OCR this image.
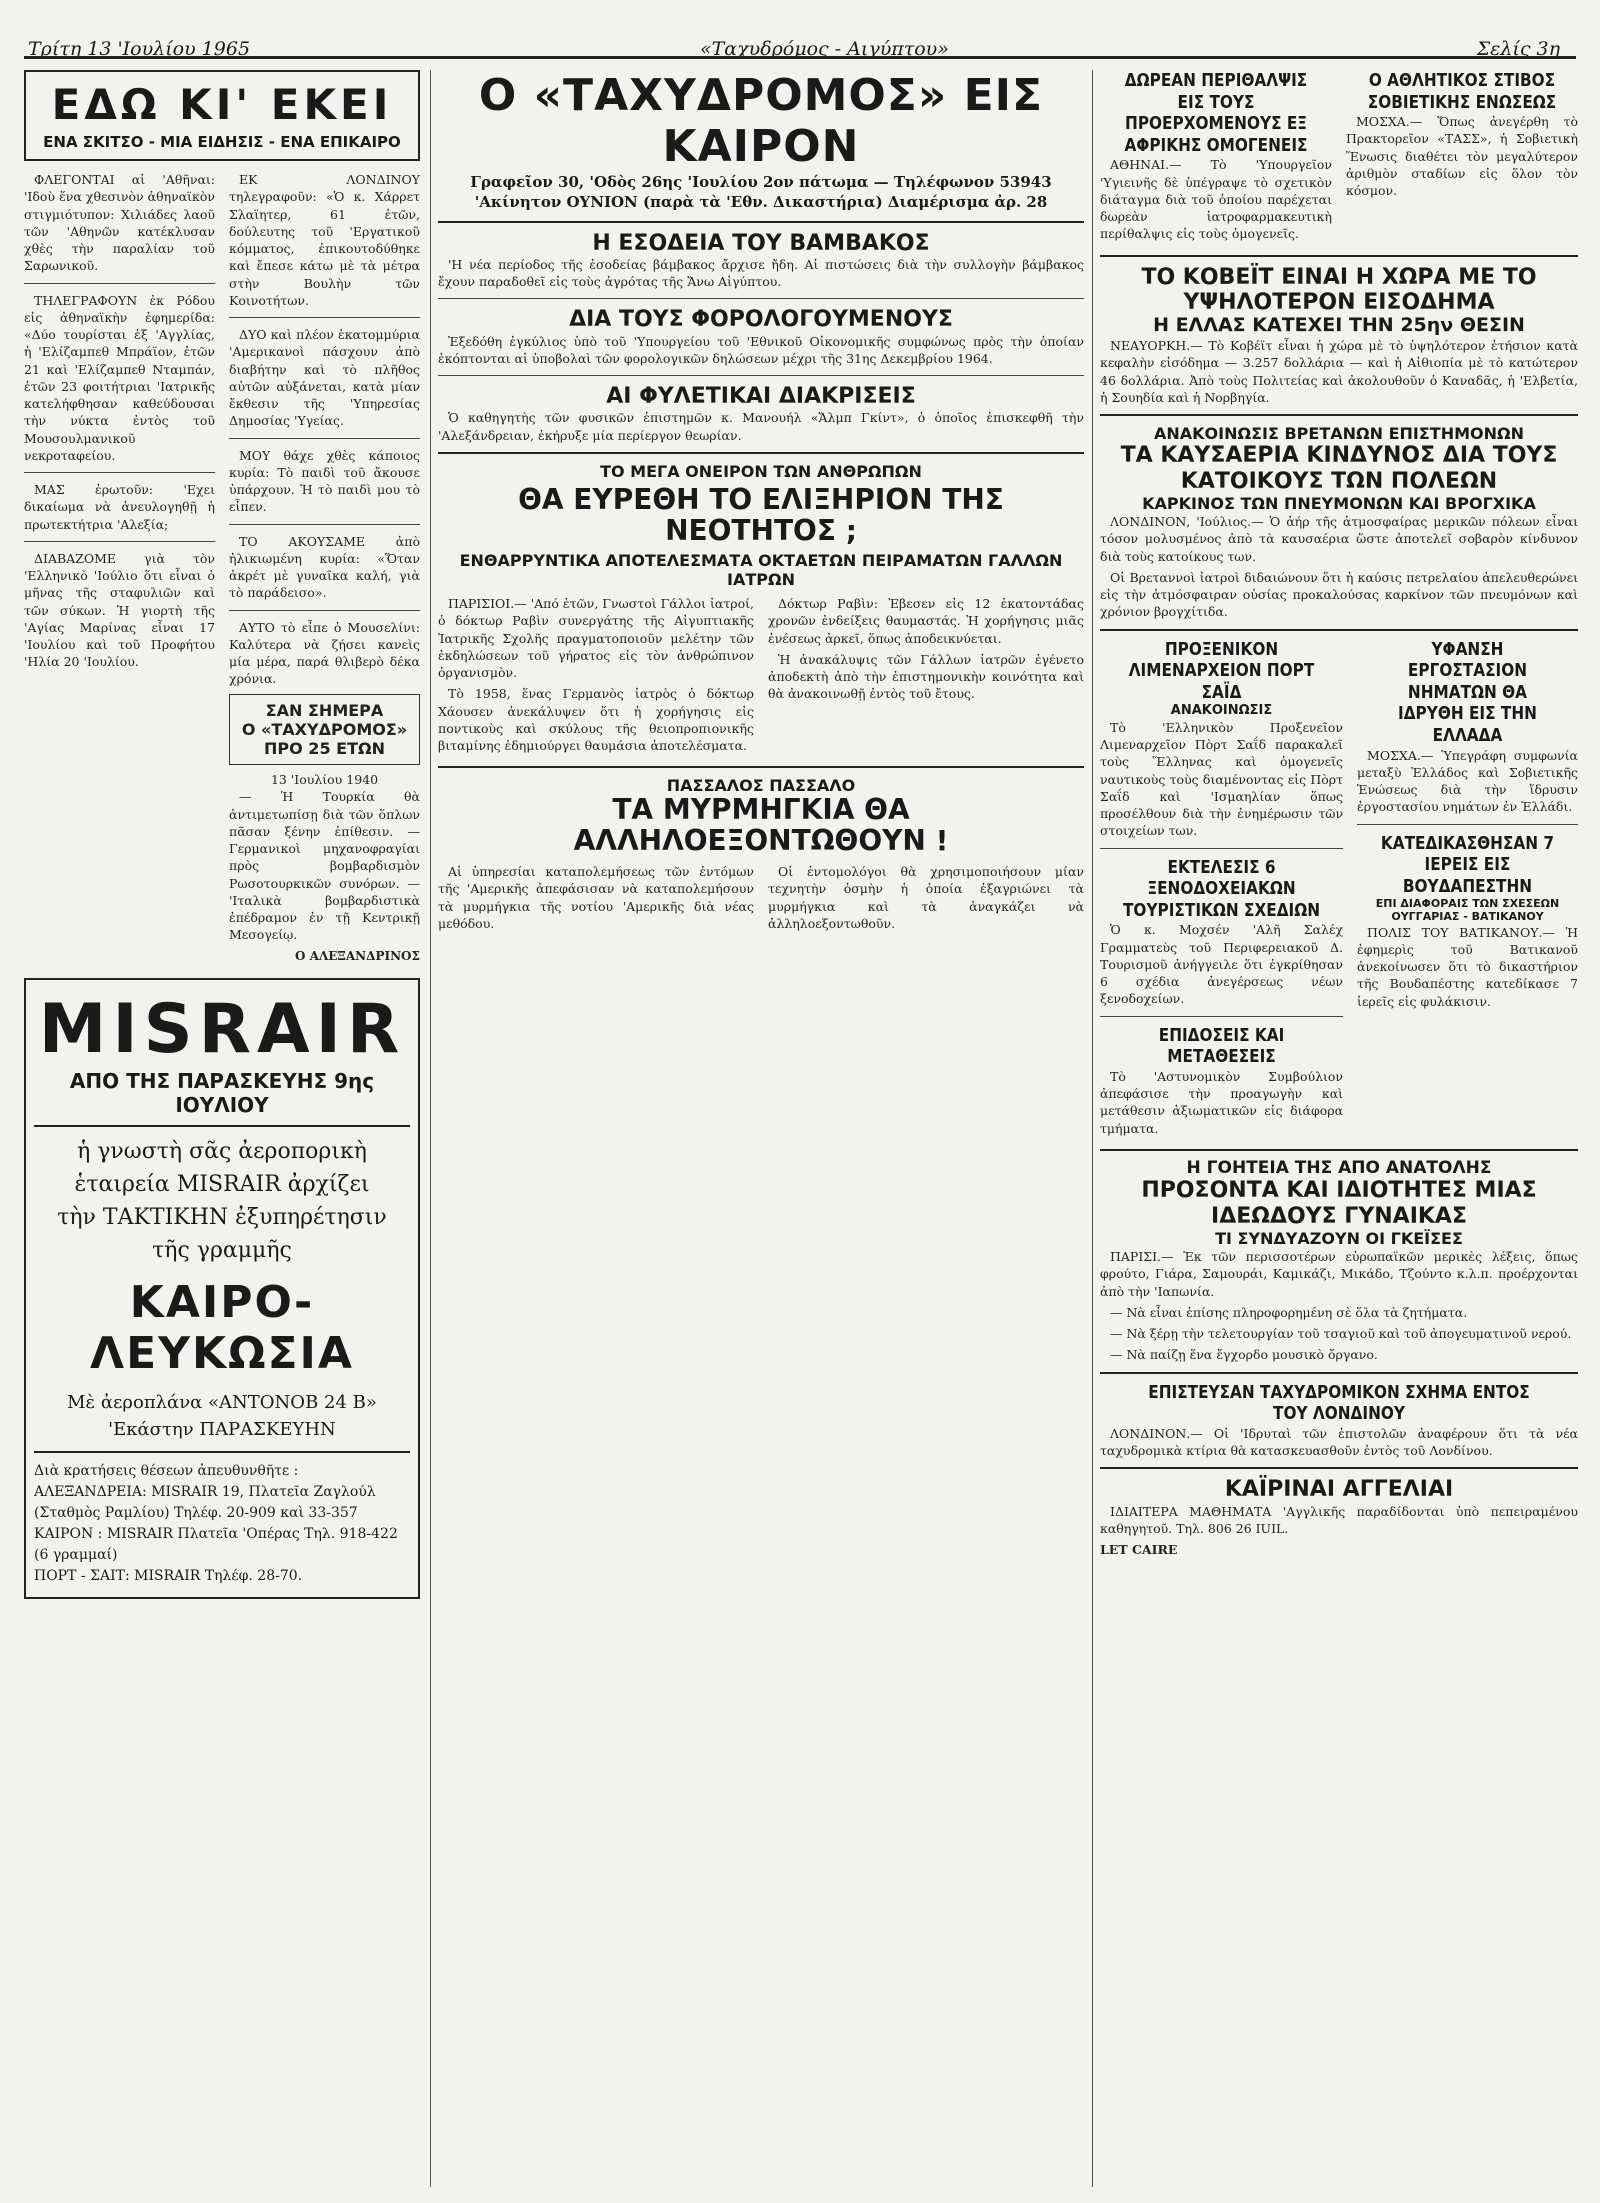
Τρίτη 13 'Ιουλίου 1965	«Ταχυδρόμος - Αιγύπτου»	Σελίς 3η
ΕΔΩ ΚΙ' ΕΚΕΙ
ΕΝΑ ΣΚΙΤΣΟ - ΜΙΑ ΕΙΔΗΣΙΣ - ΕΝΑ ΕΠΙΚΑΙΡΟ

ΦΛΕΓΟΝΤΑΙ αἱ 'Αθῆναι: 'Ιδοὺ ἕνα χθεσινὸν ἀθηναϊκὸν στιγμιότυπον: Χιλιάδες λαοῦ τῶν 'Αθηνῶν κατέκλυσαν χθὲς τὴν παραλίαν τοῦ Σαρωνικοῦ.

ΤΗΛΕΓΡΑΦΟΥΝ ἐκ Ρόδου εἰς ἀθηναϊκὴν ἐφημερίδα: «Δύο τουρίσται ἐξ 'Αγγλίας, ἡ 'Ελίζαμπεθ Μπράϊον, ἐτῶν 21 καὶ 'Ελίζαμπεθ Νταμπάν, ἐτῶν 23 φοιτήτριαι 'Ιατρικῆς κατελήφθησαν καθεύδουσαι τὴν νύκτα ἐντὸς τοῦ Μουσουλμανικοῦ νεκροταφείου.

ΜΑΣ ἐρωτοῦν: 'Εχει δικαίωμα νὰ ἀνευλογηθῇ ἡ πρωτεκτήτρια 'Αλεξία;

ΔΙΑΒΑΖΟΜΕ γιὰ τὸν 'Ελληνικὸ 'Ιούλιο ὅτι εἶναι ὁ μῆνας τῆς σταφυλιῶν καὶ τῶν σύκων. Ἡ γιορτὴ τῆς 'Αγίας Μαρίνας εἶναι 17 'Ιουλίου καὶ τοῦ Προφήτου 'Ηλία 20 'Ιουλίου.

ΕΚ ΛΟΝΔΙΝΟΥ τηλεγραφοῦν: «Ὁ κ. Χάρρετ Σλαϊητερ, 61 ἐτῶν, δούλευτης τοῦ 'Εργατικοῦ κόμματος, ἐπικουτοδύθηκε καὶ ἔπεσε κάτω μὲ τὰ μέτρα στὴν Βουλὴν τῶν Κοινοτήτων.

ΔΥΟ καὶ πλέον ἑκατομμύρια 'Αμερικανοὶ πάσχουν ἀπὸ διαβήτην καὶ τὸ πλῆθος αὐτῶν αὐξάνεται, κατὰ μίαν ἔκθεσιν τῆς 'Υπηρεσίας Δημοσίας 'Υγείας.

ΜΟΥ θάχε χθὲς κάποιος κυρία: Τὸ παιδὶ τοῦ ἄκουσε ὑπάρχουν. Ἡ τὸ παιδὶ μου τὸ εἶπεν.

ΤΟ ΑΚΟΥΣΑΜΕ ἀπὸ ἡλικιωμένη κυρία: «Ὅταν ἀκρέτ μὲ γυναῖκα καλή, γιὰ τὸ παράδεισο».

ΑΥΤΟ τὸ εἶπε ὁ Μουσελίνι: Καλύτερα νὰ ζήσει κανεὶς μία μέρα, παρά θλιβερὸ δέκα χρόνια.

ΣΑΝ ΣΗΜΕΡΑ
Ο «ΤΑΧΥΔΡΟΜΟΣ» ΠΡΟ 25 ΕΤΩΝ
13 'Ιουλίου 1940

— Ἡ Τουρκία θὰ ἀντιμετωπίσῃ διὰ τῶν ὅπλων πᾶσαν ξένην ἐπίθεσιν. — Γερμανικοὶ μηχανοφραγίαι πρὸς βομβαρδισμὸν Ρωσοτουρκικῶν συνόρων. — 'Ιταλικὰ βομβαρδιστικὰ ἐπέδραμον ἐν τῇ Κεντρικῇ Μεσογείῳ.

Ο ΑΛΕΞΑΝΔΡΙΝΟΣ
MISRAIR
ΑΠΟ ΤΗΣ ΠΑΡΑΣΚΕΥΗΣ 9ης ΙΟΥΛΙΟΥ
ἡ γνωστὴ σᾶς ἀεροπορικὴ
ἑταιρεία MISRAIR ἀρχίζει
τὴν ΤΑΚΤΙΚΗΝ ἐξυπηρέτησιν
τῆς γραμμῆς
ΚΑΙΡΟ-ΛΕΥΚΩΣΙΑ
Μὲ ἀεροπλάνα «ΑΝΤΟΝΟΒ 24 Β»
'Εκάστην ΠΑΡΑΣΚΕΥΗΝ
Διὰ κρατήσεις θέσεων ἀπευθυνθῆτε :
ΑΛΕΞΑΝΔΡΕΙΑ: MISRAIR 19, Πλατεῖα Ζαγλούλ (Σταθμὸς Ραμλίου) Τηλέφ. 20-909 καὶ 33-357
ΚΑΙΡΟΝ : MISRAIR Πλατεῖα 'Οπέρας Τηλ. 918-422 (6 γραμμαί)
ΠΟΡΤ - ΣΑΙΤ: MISRAIR Τηλέφ. 28-70.
Ο «ΤΑΧΥΔΡΟΜΟΣ» ΕΙΣ ΚΑΙΡΟΝ
Γραφεῖον 30, 'Οδὸς 26ης 'Ιουλίου 2ον πάτωμα — Τηλέφωνον 53943
'Ακίνητον ΟΥΝΙΟΝ (παρὰ τὰ 'Εθν. Δικαστήρια) Διαμέρισμα ἀρ. 28
Η ΕΣΟΔΕΙΑ ΤΟΥ ΒΑΜΒΑΚΟΣ

'Η νέα περίοδος τῆς ἐσοδείας βάμβακος ἄρχισε ἤδη. Αἱ πιστώσεις διὰ τὴν συλλογὴν βάμβακος ἔχουν παραδοθεῖ εἰς τοὺς ἀγρότας τῆς Ἄνω Αἰγύπτου.

ΔΙΑ ΤΟΥΣ ΦΟΡΟΛΟΓΟΥΜΕΝΟΥΣ

Ἐξεδόθη ἐγκύλιος ὑπὸ τοῦ 'Υπουργείου τοῦ 'Εθνικοῦ Οἰκονομικῆς συμφώνως πρὸς τὴν ὁποίαν ἐκόπτονται αἱ ὑποβολαὶ τῶν φορολογικῶν δηλώσεων μέχρι τῆς 31ης Δεκεμβρίου 1964.

ΑΙ ΦΥΛΕΤΙΚΑΙ ΔΙΑΚΡΙΣΕΙΣ

Ὁ καθηγητὴς τῶν φυσικῶν ἐπιστημῶν κ. Μανουήλ «Ἄλμπ Γκίντ», ὁ ὁποῖος ἐπισκεφθῆ τὴν 'Αλεξάνδρειαν, ἐκήρυξε μία περίεργον θεωρίαν.

ΤΟ ΜΕΓΑ ΟΝΕΙΡΟΝ ΤΩΝ ΑΝΘΡΩΠΩΝ
ΘΑ ΕΥΡΕΘΗ ΤΟ ΕΛΙΞΗΡΙΟΝ ΤΗΣ ΝΕΟΤΗΤΟΣ ;
ΕΝΘΑΡΡΥΝΤΙΚΑ ΑΠΟΤΕΛΕΣΜΑΤΑ ΟΚΤΑΕΤΩΝ ΠΕΙΡΑΜΑΤΩΝ ΓΑΛΛΩΝ ΙΑΤΡΩΝ

ΠΑΡΙΣΙΟΙ.— 'Από ἐτῶν, Γνωστοὶ Γάλλοι ἰατροί, ὁ δόκτωρ Ραβὶν συνεργάτης τῆς Αἰγυπτιακῆς Ἰατρικῆς Σχολῆς πραγματοποιοῦν μελέτην τῶν ἐκδηλώσεων τοῦ γήρατος εἰς τὸν ἀνθρώπινον ὀργανισμὸν.

Τὸ 1958, ἕνας Γερμανὸς ἰατρὸς ὁ δόκτωρ Χάουσεν ἀνεκάλυψεν ὅτι ἡ χορήγησις εἰς ποντικοὺς καὶ σκύλους τῆς θειοπροπιονικῆς βιταμίνης ἐδημιούργει θαυμάσια ἀποτελέσματα.

Δόκτωρ Ραβὶν: Ἐβεσεν εἰς 12 ἑκατοντάδας χρονῶν ἐνδείξεις θαυμαστάς. Ἡ χορήγησις μιᾶς ἐνέσεως ἀρκεῖ, ὅπως ἀποδεικνύεται.

Ἡ ἀνακάλυψις τῶν Γάλλων ἰατρῶν ἐγένετο ἀποδεκτὴ ἀπὸ τὴν ἐπιστημονικὴν κοινότητα καὶ θὰ ἀνακοινωθῇ ἐντὸς τοῦ ἔτους.

ΠΑΣΣΑΛΟΣ ΠΑΣΣΑΛΟ
ΤΑ ΜΥΡΜΗΓΚΙΑ ΘΑ ΑΛΛΗΛΟΕΞΟΝΤΩΘΟΥΝ !

Αἱ ὑπηρεσίαι καταπολεμήσεως τῶν ἐντόμων τῆς 'Αμερικῆς ἀπεφάσισαν νὰ καταπολεμήσουν τὰ μυρμήγκια τῆς νοτίου 'Αμερικῆς διὰ νέας μεθόδου.

Οἱ ἐντομολόγοι θὰ χρησιμοποιήσουν μίαν τεχνητὴν ὀσμὴν ἡ ὁποία ἐξαγριώνει τὰ μυρμήγκια καὶ τὰ ἀναγκάζει νὰ ἀλληλοεξοντωθοῦν.

ΔΩΡΕΑΝ ΠΕΡΙΘΑΛΨΙΣ ΕΙΣ ΤΟΥΣ ΠΡΟΕΡΧΟΜΕΝΟΥΣ ΕΞ ΑΦΡΙΚΗΣ ΟΜΟΓΕΝΕΙΣ

ΑΘΗΝΑΙ.— Τὸ 'Υπουργεῖον 'Υγιεινῆς δὲ ὑπέγραψε τὸ σχετικὸν διάταγμα διὰ τοῦ ὁποίου παρέχεται δωρεὰν ἰατροφαρμακευτικὴ περίθαλψις εἰς τοὺς ὁμογενεῖς.

Ο ΑΘΛΗΤΙΚΟΣ ΣΤΙΒΟΣ ΣΟΒΙΕΤΙΚΗΣ ΕΝΩΣΕΩΣ

ΜΟΣΧΑ.— Ὅπως ἀνεγέρθη τὸ Πρακτορεῖον «ΤΑΣΣ», ἡ Σοβιετικὴ Ἕνωσις διαθέτει τὸν μεγαλύτερον ἀριθμὸν σταδίων εἰς ὅλον τὸν κόσμον.

ΤΟ ΚΟΒΕΪΤ ΕΙΝΑΙ Η ΧΩΡΑ ΜΕ ΤΟ ΥΨΗΛΟΤΕΡΟΝ ΕΙΣΟΔΗΜΑ
Η ΕΛΛΑΣ ΚΑΤΕΧΕΙ ΤΗΝ 25ην ΘΕΣΙΝ

ΝΕΑΥΟΡΚΗ.— Τὸ Κοβέϊτ εἶναι ἡ χώρα μὲ τὸ ὑψηλότερον ἐτήσιον κατὰ κεφαλὴν εἰσόδημα — 3.257 δολλάρια — καὶ ἡ Αἰθιοπία μὲ τὸ κατώτερον 46 δολλάρια. Ἀπὸ τοὺς Πολιτείας καὶ ἀκολουθοῦν ὁ Καναδᾶς, ἡ 'Ελβετία, ἡ Σουηδία καὶ ἡ Νορβηγία.

ΑΝΑΚΟΙΝΩΣΙΣ ΒΡΕΤΑΝΩΝ ΕΠΙΣΤΗΜΟΝΩΝ
ΤΑ ΚΑΥΣΑΕΡΙΑ ΚΙΝΔΥΝΟΣ ΔΙΑ ΤΟΥΣ ΚΑΤΟΙΚΟΥΣ ΤΩΝ ΠΟΛΕΩΝ
ΚΑΡΚΙΝΟΣ ΤΩΝ ΠΝΕΥΜΟΝΩΝ ΚΑΙ ΒΡΟΓΧΙΚΑ

ΛΟΝΔΙΝΟΝ, 'Ιούλιος.— Ὁ ἀήρ τῆς ἀτμοσφαίρας μερικῶν πόλεων εἶναι τόσον μολυσμένος ἀπὸ τὰ καυσαέρια ὥστε ἀποτελεῖ σοβαρὸν κίνδυνον διὰ τοὺς κατοίκους των.

Οἱ Βρεταννοὶ ἰατροὶ διδαιώνουν ὅτι ἡ καύσις πετρελαίου ἀπελευθερώνει εἰς τὴν ἀτμόσφαιραν οὐσίας προκαλούσας καρκίνον τῶν πνευμόνων καὶ χρόνιον βρογχίτιδα.

ΠΡΟΞΕΝΙΚΟΝ ΛΙΜΕΝΑΡΧΕΙΟΝ ΠΟΡΤ ΣΑΪΔ
ΑΝΑΚΟΙΝΩΣΙΣ

Τὸ 'Ελληνικὸν Προξενεῖον Λιμεναρχεῖον Πὸρτ Σαΐδ παρακαλεῖ τοὺς Ἕλληνας καὶ ὁμογενεῖς ναυτικοὺς τοὺς διαμένοντας εἰς Πὸρτ Σαΐδ καὶ 'Ισμαηλίαν ὅπως προσέλθουν διὰ τὴν ἐνημέρωσιν τῶν στοιχείων των.

ΕΚΤΕΛΕΣΙΣ 6 ΞΕΝΟΔΟΧΕΙΑΚΩΝ ΤΟΥΡΙΣΤΙΚΩΝ ΣΧΕΔΙΩΝ

Ὁ κ. Μοχσέν 'Αλῆ Σαλέχ Γραμματεὺς τοῦ Περιφερειακοῦ Δ. Τουρισμοῦ ἀνήγγειλε ὅτι ἐγκρίθησαν 6 σχέδια ἀνεγέρσεως νέων ξενοδοχείων.

ΕΠΙΔΟΣΕΙΣ ΚΑΙ ΜΕΤΑΘΕΣΕΙΣ

Τὸ 'Αστυνομικὸν Συμβούλιον ἀπεφάσισε τὴν προαγωγὴν καὶ μετάθεσιν ἀξιωματικῶν εἰς διάφορα τμήματα.

ΥΦΑΝΣΗ ΕΡΓΟΣΤΑΣΙΟΝ ΝΗΜΑΤΩΝ ΘΑ ΙΔΡΥΘΗ ΕΙΣ ΤΗΝ ΕΛΛΑΔΑ

ΜΟΣΧΑ.— Ὑπεγράφη συμφωνία μεταξὺ Ἑλλάδος καὶ Σοβιετικῆς Ἑνώσεως διὰ τὴν ἵδρυσιν ἐργοστασίου νημάτων ἐν Ἑλλάδι.

ΚΑΤΕΔΙΚΑΣΘΗΣΑΝ 7 ΙΕΡΕΙΣ ΕΙΣ ΒΟΥΔΑΠΕΣΤΗΝ
ΕΠΙ ΔΙΑΦΟΡΑΙΣ ΤΩΝ ΣΧΕΣΕΩΝ ΟΥΓΓΑΡΙΑΣ - ΒΑΤΙΚΑΝΟΥ

ΠΟΛΙΣ ΤΟΥ ΒΑΤΙΚΑΝΟΥ.— Ἡ ἐφημερὶς τοῦ Βατικανοῦ ἀνεκοίνωσεν ὅτι τὸ δικαστήριον τῆς Βουδαπέστης κατεδίκασε 7 ἱερεῖς εἰς φυλάκισιν.

Η ΓΟΗΤΕΙΑ ΤΗΣ ΑΠΟ ΑΝΑΤΟΛΗΣ
ΠΡΟΣΟΝΤΑ ΚΑΙ ΙΔΙΟΤΗΤΕΣ ΜΙΑΣ ΙΔΕΩΔΟΥΣ ΓΥΝΑΙΚΑΣ
ΤΙ ΣΥΝΔΥΑΖΟΥΝ ΟΙ ΓΚΕΪΣΕΣ

ΠΑΡΙΣΙ.— Ἐκ τῶν περισσοτέρων εὐρωπαϊκῶν μερικὲς λέξεις, ὅπως φρούτο, Γιάρα, Σαμουράι, Καμικάζι, Μικάδο, Τζούντο κ.λ.π. προέρχονται ἀπὸ τὴν 'Ιαπωνία.

— Νὰ εἶναι ἐπίσης πληροφορημένη σὲ ὅλα τὰ ζητήματα.

— Νὰ ξέρῃ τὴν τελετουργίαν τοῦ τσαγιοῦ καὶ τοῦ ἀπογευματινοῦ νερού.

— Νὰ παίζῃ ἕνα ἔγχορδο μουσικὸ ὄργανο.

ΕΠΙΣΤΕΥΣΑΝ ΤΑΧΥΔΡΟΜΙΚΟΝ ΣΧΗΜΑ ΕΝΤΟΣ ΤΟΥ ΛΟΝΔΙΝΟΥ

ΛΟΝΔΙΝΟΝ.— Οἱ 'Ιδρυταὶ τῶν ἐπιστολῶν ἀναφέρουν ὅτι τὰ νέα ταχυδρομικὰ κτίρια θὰ κατασκευασθοῦν ἐντὸς τοῦ Λονδίνου.

ΚΑΪΡΙΝΑΙ ΑΓΓΕΛΙΑΙ

ΙΔΙΑΙΤΕΡΑ ΜΑΘΗΜΑΤΑ 'Αγγλικῆς παραδίδονται ὑπὸ πεπειραμένου καθηγητοῦ. Τηλ. 806 26 ΙUΙL.

LET CAIRE
